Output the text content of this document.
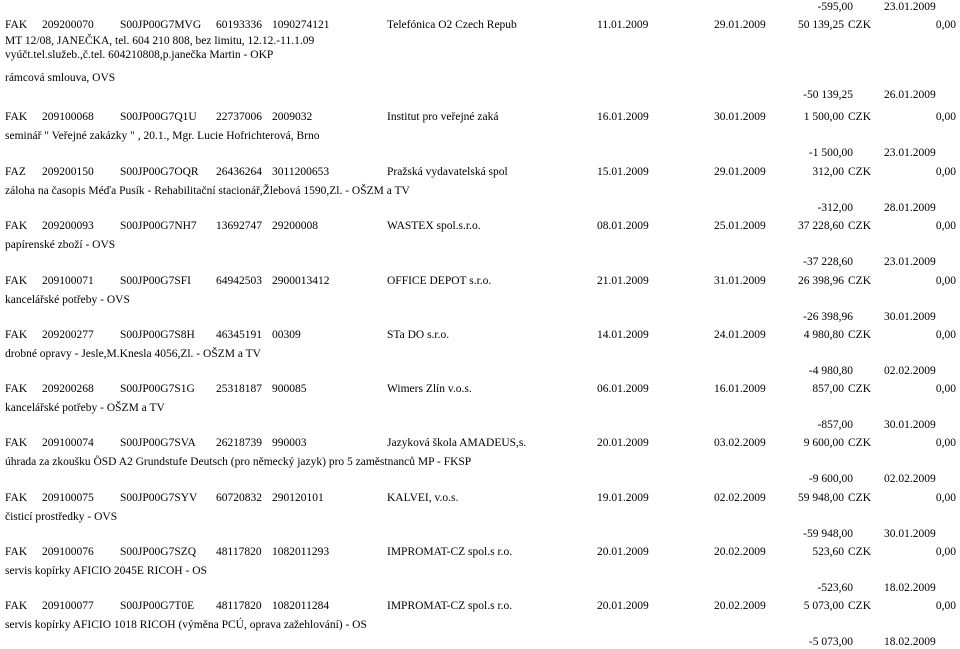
-595,00	23.01.2009
FAK 209200070 S00JP00G7MVG 60193336 1090274121	Telefónica O2 Czech Repub	11.01.2009	29.01.2009	50 139,25 CZK	0,00
MT 12/08, JANEČKA, tel. 604 210 808, bez limitu, 12.12.-11.1.09
vyúčt.tel.služeb.,č.tel. 604210808,p.janečka Martin - OKP
rámcová smlouva, OVS
-50 139,25	26.01.2009
FAK 209100068 S00JP00G7Q1U 22737006 2009032	Institut pro veřejné zaká	16.01.2009	30.01.2009	1 500,00 CZK	0,00
seminář " Veřejné zakázky " , 20.1., Mgr. Lucie Hofrichterová, Brno
-1 500,00	23.01.2009
FAZ 209200150 S00JP00G7OQR 26436264 3011200653	Pražská vydavatelská spol	15.01.2009	29.01.2009	312,00 CZK	0,00
záloha na časopis Méďa Pusík - Rehabilitační stacionář,Žlebová 1590,Zl. - OŠZM a TV
-312,00	28.01.2009
FAK 209200093 S00JP00G7NH7 13692747 29200008	WASTEX spol.s.r.o.	08.01.2009	25.01.2009	37 228,60 CZK	0,00
papírenské zboží - OVS
-37 228,60	23.01.2009
FAK 209100071 S00JP00G7SFI 64942503 2900013412	OFFICE DEPOT s.r.o.	21.01.2009	31.01.2009	26 398,96 CZK	0,00
kancelářské potřeby - OVS
-26 398,96	30.01.2009
FAK 209200277 S00JP00G7S8H 46345191 00309	STa DO s.r.o.	14.01.2009	24.01.2009	4 980,80 CZK	0,00
drobné opravy - Jesle,M.Knesla 4056,Zl. - OŠZM a TV
-4 980,80	02.02.2009
FAK 209200268 S00JP00G7S1G 25318187 900085	Wimers Zlín v.o.s.	06.01.2009	16.01.2009	857,00 CZK	0,00
kancelářské potřeby - OŠZM a TV
-857,00	30.01.2009
FAK 209100074 S00JP00G7SVA 26218739 990003	Jazyková škola AMADEUS,s.	20.01.2009	03.02.2009	9 600,00 CZK	0,00
úhrada za zkoušku ÖSD A2 Grundstufe Deutsch (pro německý jazyk) pro 5 zaměstnanců MP - FKSP
-9 600,00	02.02.2009
FAK 209100075 S00JP00G7SYV 60720832 290120101	KALVEI, v.o.s.	19.01.2009	02.02.2009	59 948,00 CZK	0,00
čisticí prostředky - OVS
-59 948,00	30.01.2009
FAK 209100076 S00JP00G7SZQ 48117820 1082011293	IMPROMAT-CZ spol.s r.o.	20.01.2009	20.02.2009	523,60 CZK	0,00
servis kopírky AFICIO 2045E RICOH - OS
-523,60	18.02.2009
FAK 209100077 S00JP00G7T0E 48117820 1082011284	IMPROMAT-CZ spol.s r.o.	20.01.2009	20.02.2009	5 073,00 CZK	0,00
servis kopírky AFICIO 1018 RICOH (výměna PCÚ, oprava zažehlování) - OS
-5 073,00	18.02.2009
